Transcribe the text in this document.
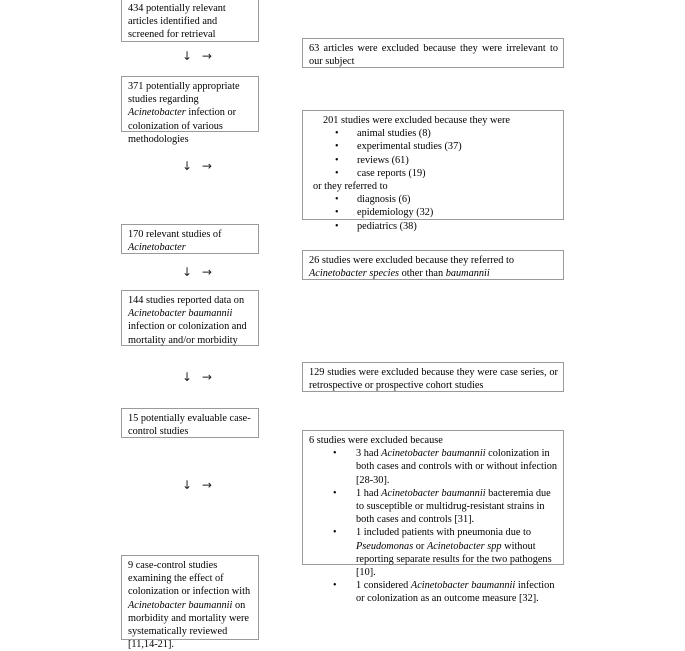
434 potentially relevant articles identified and screened for retrieval

↓ →

371 potentially appropriate studies regarding Acinetobacter infection or colonization of various methodologies

↓ →

170 relevant studies of Acinetobacter

↓ →

144 studies reported data on Acinetobacter baumannii infection or colonization and mortality and/or morbidity

↓ →

15 potentially evaluable case-control studies

↓ →

9 case-control studies examining the effect of colonization or infection with Acinetobacter baumannii on morbidity and mortality were systematically reviewed [11,14-21].

63 articles were excluded because they were irrelevant to our subject

201 studies were excluded because they were

• animal studies (8)
• experimental studies (37)
• reviews (61)
• case reports (19)

or they referred to

• diagnosis (6)
• epidemiology (32)
• pediatrics (38)

26 studies were excluded because they referred to Acinetobacter species other than baumannii

129 studies were excluded because they were case series, or retrospective or prospective cohort studies

6 studies were excluded because

• 3 had Acinetobacter baumannii colonization in both cases and controls with or without infection [28-30].
• 1 had Acinetobacter baumannii bacteremia due to susceptible or multidrug-resistant strains in both cases and controls [31].
• 1 included patients with pneumonia due to Pseudomonas or Acinetobacter spp without reporting separate results for the two pathogens [10].
• 1 considered Acinetobacter baumannii infection or colonization as an outcome measure [32].
